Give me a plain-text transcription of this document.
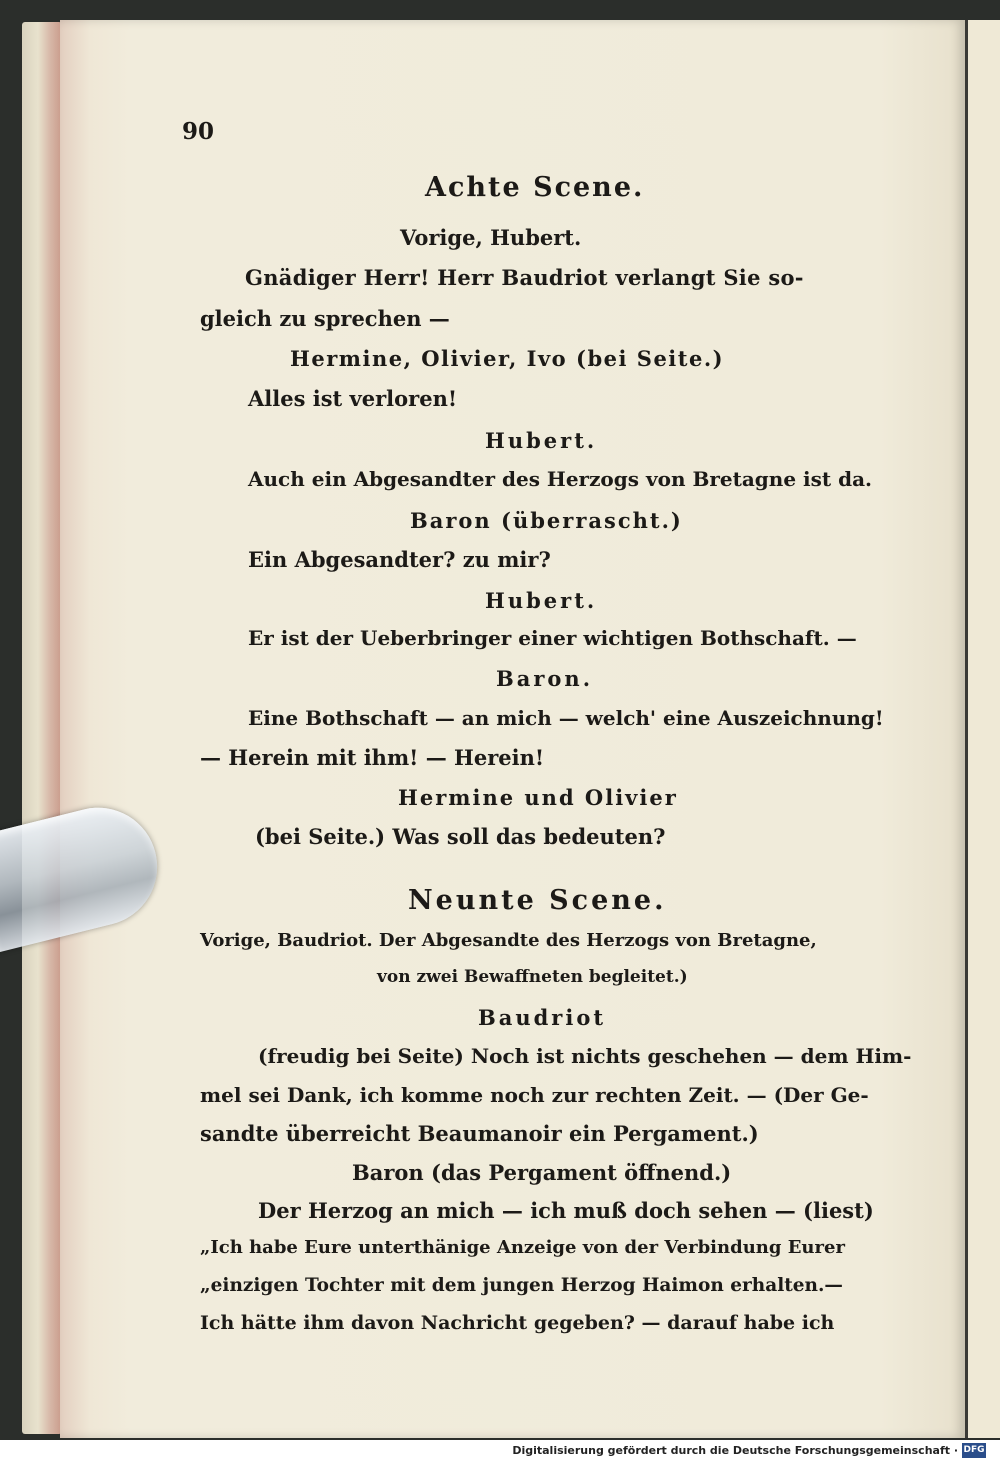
90
Achte Scene.
Vorige, Hubert.
Gnädiger Herr! Herr Baudriot verlangt Sie so-
gleich zu sprechen —
Hermine, Olivier, Ivo (bei Seite.)
Alles ist verloren!
Hubert.
Auch ein Abgesandter des Herzogs von Bretagne ist da.
Baron (überrascht.)
Ein Abgesandter? zu mir?
Hubert.
Er ist der Ueberbringer einer wichtigen Bothschaft. —
Baron.
Eine Bothschaft — an mich — welch' eine Auszeichnung!
— Herein mit ihm! — Herein!
Hermine und Olivier
(bei Seite.) Was soll das bedeuten?
Neunte Scene.
Vorige, Baudriot. Der Abgesandte des Herzogs von Bretagne,
von zwei Bewaffneten begleitet.)
Baudriot
(freudig bei Seite) Noch ist nichts geschehen — dem Him-
mel sei Dank, ich komme noch zur rechten Zeit. — (Der Ge-
sandte überreicht Beaumanoir ein Pergament.)
Baron (das Pergament öffnend.)
Der Herzog an mich — ich muß doch sehen — (liest)
„Ich habe Eure unterthänige Anzeige von der Verbindung Eurer
„einzigen Tochter mit dem jungen Herzog Haimon erhalten.—
Ich hätte ihm davon Nachricht gegeben? — darauf habe ich
Digitalisierung gefördert durch die Deutsche Forschungsgemeinschaft · DFG
